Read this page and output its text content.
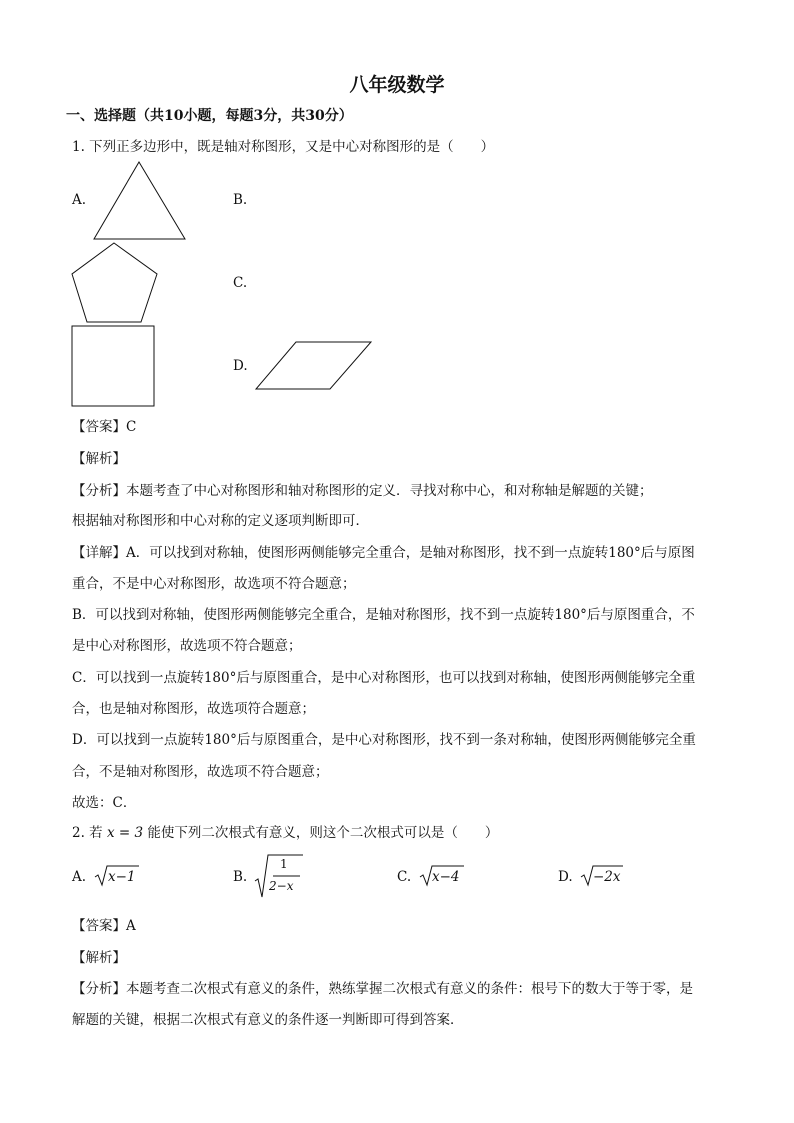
八年级数学
一、选择题（共10小题，每题3分，共30分）
1. 下列正多边形中，既是轴对称图形，又是中心对称图形的是（　　）
A.	B.
C.
D.
【答案】C
【解析】
【分析】本题考查了中心对称图形和轴对称图形的定义．寻找对称中心，和对称轴是解题的关键；
根据轴对称图形和中心对称的定义逐项判断即可．
【详解】A．可以找到对称轴，使图形两侧能够完全重合，是轴对称图形，找不到一点旋转180°后与原图
重合，不是中心对称图形，故选项不符合题意；
B．可以找到对称轴，使图形两侧能够完全重合，是轴对称图形，找不到一点旋转180°后与原图重合，不
是中心对称图形，故选项不符合题意；
C．可以找到一点旋转180°后与原图重合，是中心对称图形，也可以找到对称轴，使图形两侧能够完全重
合，也是轴对称图形，故选项符合题意；
D．可以找到一点旋转180°后与原图重合，是中心对称图形，找不到一条对称轴，使图形两侧能够完全重
合，不是轴对称图形，故选项不符合题意；
故选：C．
2. 若 x = 3 能使下列二次根式有意义，则这个二次根式可以是（　　）
A. x−1	B.
1
2−x
C. x−4	D. −2x
【答案】A
【解析】
【分析】本题考查二次根式有意义的条件，熟练掌握二次根式有意义的条件：根号下的数大于等于零，是
解题的关键，根据二次根式有意义的条件逐一判断即可得到答案．
